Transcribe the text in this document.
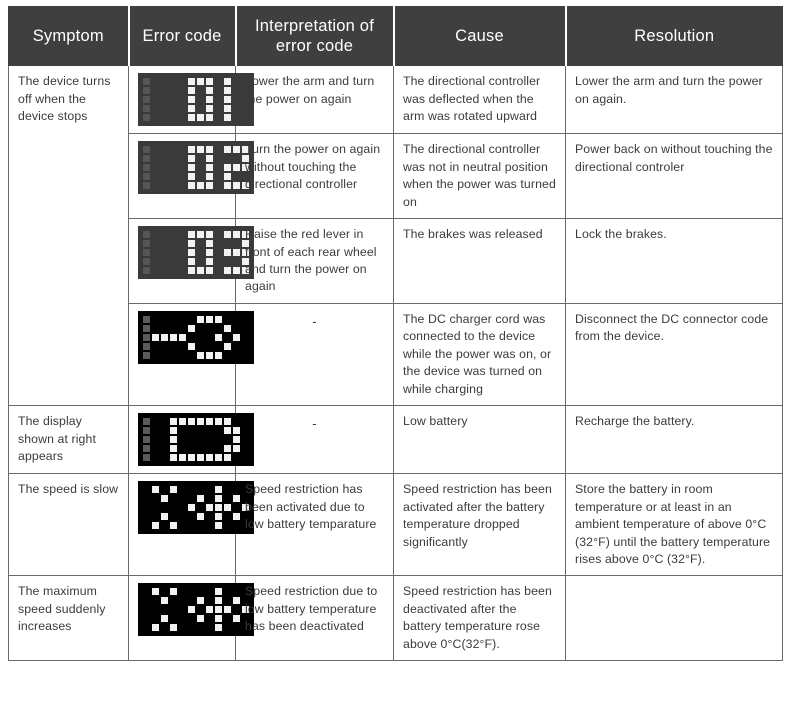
Symptom	Error code	Interpretation of error code	Cause	Resolution
The device turns off when the device stops		Lower the arm and turn the power on again	The directional controller was deflected when the arm was rotated upward	Lower the arm and turn the power on again.

		Turn the power on again without touching the directional controller	The directional controller was not in neutral position when the power was turned on	Power back on without touching the directional controler

		Raise the red lever in front of each rear wheel and turn the power on again	The brakes was released	Lock the brakes.

		-	The DC charger cord was connected to the device while the power was on, or the device was turned on while charging	Disconnect the DC connector code from the device.
The display shown at right appears		-	Low battery	Recharge the battery.
The speed is slow		Speed restriction has been activated due to low battery temparature	Speed restriction has been activated after the battery temperature dropped significantly	Store the battery in room temperature or at least in an ambient temperature of above 0°C (32°F) until the battery temperature rises above 0°C (32°F).
The maximum speed suddenly increases		Speed restriction due to low battery temperature has been deactivated	Speed restriction has been deactivated after the battery temperature rose above 0°C(32°F).	
